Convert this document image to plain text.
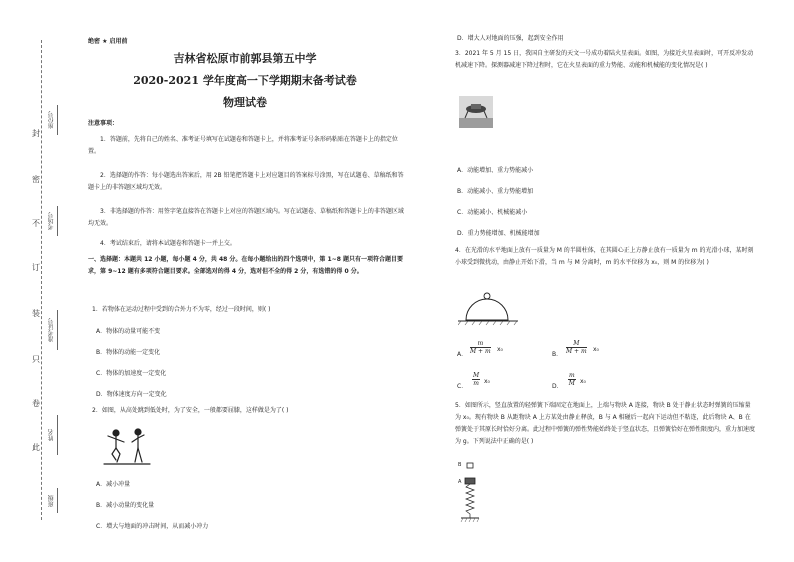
封
密
不
订
装
只
卷
此
座位号
考场号
准考证号
姓名
班级
绝密 ★ 启用前
吉林省松原市前郭县第五中学
2020-2021 学年度高一下学期期末备考试卷
物理试卷
注意事项：
1．答题前，先将自己的姓名、准考证号填写在试题卷和答题卡上，并将准考证号条形码粘贴在答题卡上的指定位置。
2．选择题的作答：每小题选出答案后，用 2B 铅笔把答题卡上对应题目的答案标号涂黑，写在试题卷、草稿纸和答题卡上的非答题区域均无效。
3．非选择题的作答：用签字笔直接答在答题卡上对应的答题区域内。写在试题卷、草稿纸和答题卡上的非答题区域均无效。
4．考试结束后，请将本试题卷和答题卡一并上交。
一、选择题：本题共 12 小题，每小题 4 分，共 48 分。在每小题给出的四个选项中，第 1~8 题只有一项符合题目要求，第 9~12 题有多项符合题目要求。全部选对的得 4 分，选对但不全的得 2 分，有选错的得 0 分。
1．若物体在运动过程中受到的合外力不为零，经过一段时间，则( )
A．物体的动量可能不变
B．物体的动能一定变化
C．物体的加速度一定变化
D．物体速度方向一定变化
2．如图，从高处跳到低处时，为了安全，一般都要屈膝，这样做是为了( )
A．减小冲量
B．减小动量的变化量
C．增大与地面的冲击时间，从而减小冲力
D．增大人对地面的压强，起到安全作用
3．2021 年 5 月 15 日，我国自主研发的天文一号成功着陆火星表面。如图，为接近火星表面时，可开反冲发动机减速下降。探测器减速下降过程时，它在火星表面的重力势能、动能和机械能的变化情况是( )
A．动能增加、重力势能减小
B．动能减小、重力势能增加
C．动能减小、机械能减小
D．重力势能增加、机械能增加
4．在光滑的水平地面上放有一质量为 M 的半圆柱体，在其圆心正上方静止放有一质量为 m 的光滑小球，某时刻小球受到微扰动，由静止开始下滑，当 m 与 M 分离时，m 的水平位移为 x₀，则 M 的位移为( )
A． $\frac{m}{M + m} x_0$
B． $\frac{M}{M + m} x_0$
C． $\frac{M}{m} x_0$
D． $\frac{m}{M} x_0$
5．如图所示，竖直放置的轻弹簧下端固定在地面上，上端与物块 A 连接，物块 B 处于静止状态时弹簧的压缩量为 x₀。现有物块 B 从距物块 A 上方某处由静止释放，B 与 A 相碰后一起向下运动但不粘连，此后物块 A、B 在弹簧处于其原长时恰好分离。此过程中弹簧的弹性势能始终处于竖直状态，且弹簧恰好在弹性限度内，重力加速度为 g。下列说法中正确的是( )
B
A
